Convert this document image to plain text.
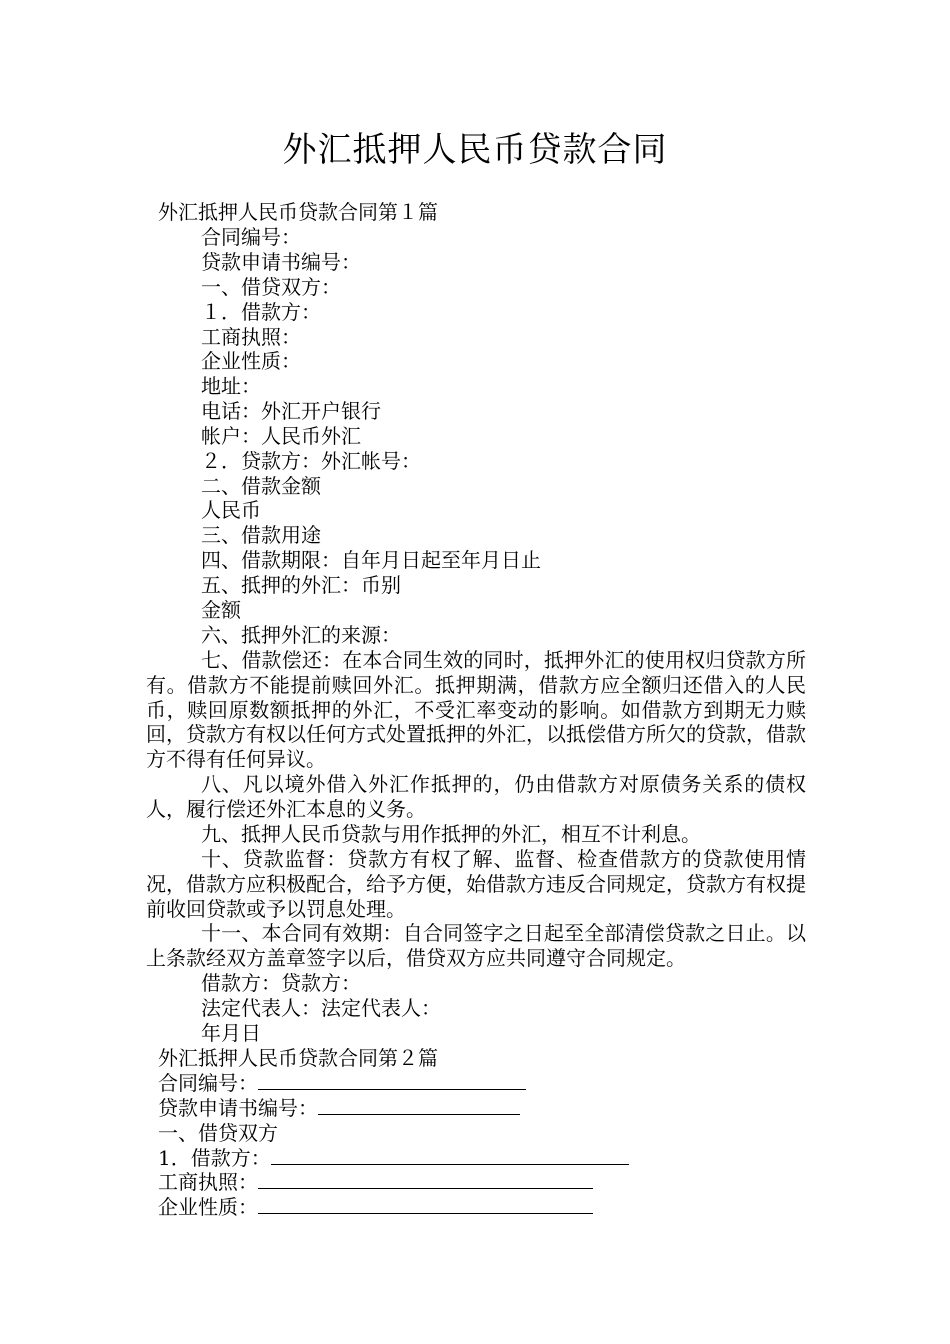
外汇抵押人民币贷款合同
外汇抵押人民币贷款合同第１篇
合同编号：
贷款申请书编号：
一、借贷双方：
１．借款方：
工商执照：
企业性质：
地址：
电话：外汇开户银行
帐户：人民币外汇
２．贷款方：外汇帐号：
二、借款金额
人民币
三、借款用途
四、借款期限：自年月日起至年月日止
五、抵押的外汇：币别
金额
六、抵押外汇的来源：
七、借款偿还：在本合同生效的同时，抵押外汇的使用权归贷款方所有。借款方不能提前赎回外汇。抵押期满，借款方应全额归还借入的人民币，赎回原数额抵押的外汇，不受汇率变动的影响。如借款方到期无力赎回，贷款方有权以任何方式处置抵押的外汇，以抵偿借方所欠的贷款，借款方不得有任何异议。
八、凡以境外借入外汇作抵押的，仍由借款方对原债务关系的债权人，履行偿还外汇本息的义务。
九、抵押人民币贷款与用作抵押的外汇，相互不计利息。
十、贷款监督：贷款方有权了解、监督、检查借款方的贷款使用情况，借款方应积极配合，给予方便，始借款方违反合同规定，贷款方有权提前收回贷款或予以罚息处理。
十一、本合同有效期：自合同签字之日起至全部清偿贷款之日止。以上条款经双方盖章签字以后，借贷双方应共同遵守合同规定。
借款方：贷款方：
法定代表人：法定代表人：
年月日
外汇抵押人民币贷款合同第２篇
合同编号：
贷款申请书编号：
一、借贷双方
1．借款方：
工商执照：
企业性质：
